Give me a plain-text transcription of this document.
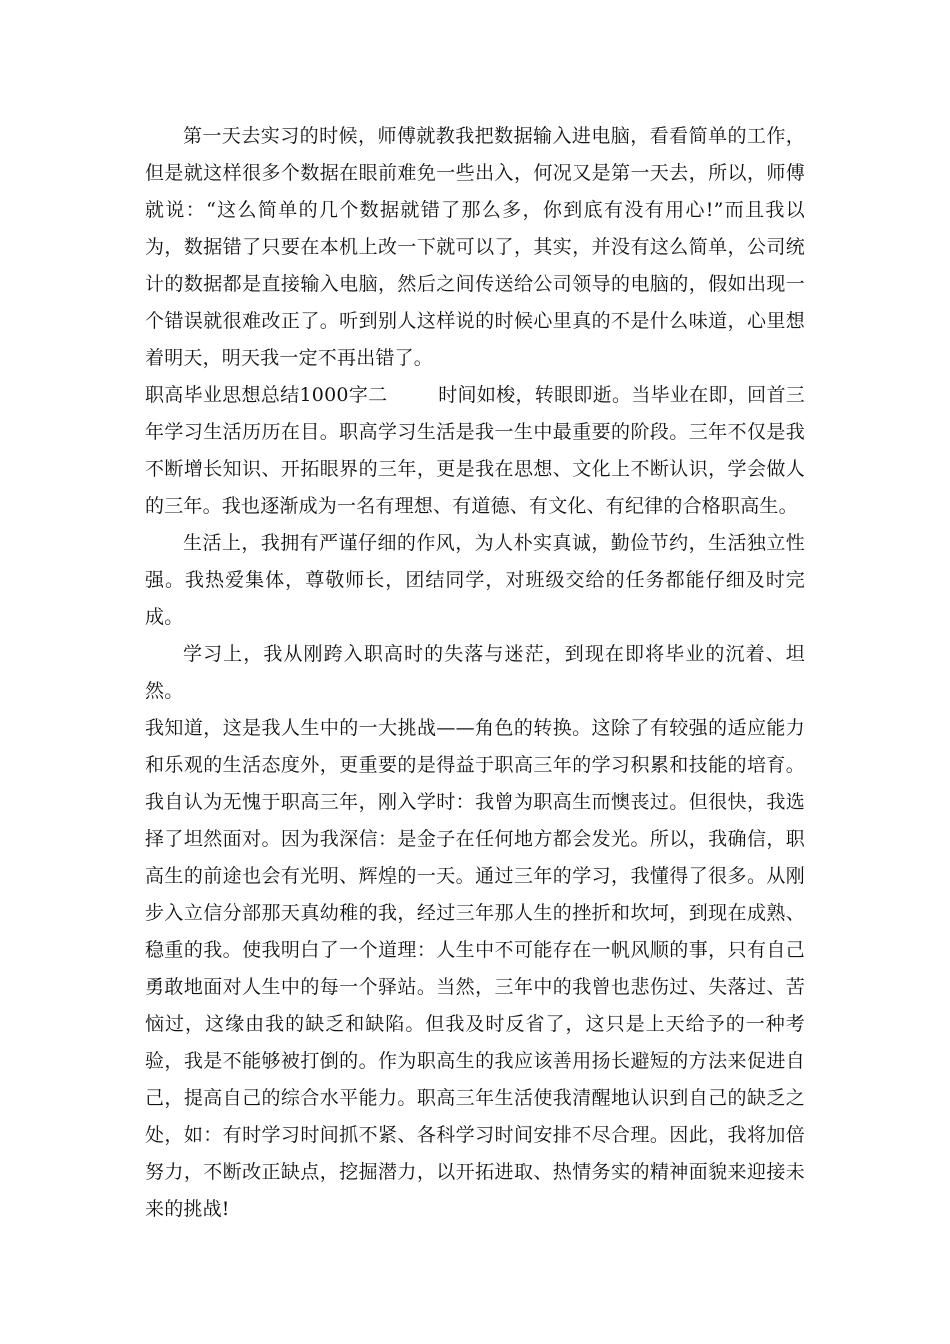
第一天去实习的时候，师傅就教我把数据输入进电脑，看看简单的工作，但是就这样很多个数据在眼前难免一些出入，何况又是第一天去，所以，师傅就说：“这么简单的几个数据就错了那么多，你到底有没有用心!”而且我以为，数据错了只要在本机上改一下就可以了，其实，并没有这么简单，公司统计的数据都是直接输入电脑，然后之间传送给公司领导的电脑的，假如出现一个错误就很难改正了。听到别人这样说的时候心里真的不是什么味道，心里想着明天，明天我一定不再出错了。

职高毕业思想总结1000字二	时间如梭，转眼即逝。当毕业在即，回首三年学习生活历历在目。职高学习生活是我一生中最重要的阶段。三年不仅是我不断增长知识、开拓眼界的三年，更是我在思想、文化上不断认识，学会做人的三年。我也逐渐成为一名有理想、有道德、有文化、有纪律的合格职高生。

生活上，我拥有严谨仔细的作风，为人朴实真诚，勤俭节约，生活独立性强。我热爱集体，尊敬师长，团结同学，对班级交给的任务都能仔细及时完成。

学习上，我从刚跨入职高时的失落与迷茫，到现在即将毕业的沉着、坦然。

我知道，这是我人生中的一大挑战——角色的转换。这除了有较强的适应能力和乐观的生活态度外，更重要的是得益于职高三年的学习积累和技能的培育。我自认为无愧于职高三年，刚入学时：我曾为职高生而懊丧过。但很快，我选择了坦然面对。因为我深信：是金子在任何地方都会发光。所以，我确信，职高生的前途也会有光明、辉煌的一天。通过三年的学习，我懂得了很多。从刚步入立信分部那天真幼稚的我，经过三年那人生的挫折和坎坷，到现在成熟、稳重的我。使我明白了一个道理：人生中不可能存在一帆风顺的事，只有自己勇敢地面对人生中的每一个驿站。当然，三年中的我曾也悲伤过、失落过、苦恼过，这缘由我的缺乏和缺陷。但我及时反省了，这只是上天给予的一种考验，我是不能够被打倒的。作为职高生的我应该善用扬长避短的方法来促进自己，提高自己的综合水平能力。职高三年生活使我清醒地认识到自己的缺乏之处，如：有时学习时间抓不紧、各科学习时间安排不尽合理。因此，我将加倍努力，不断改正缺点，挖掘潜力，以开拓进取、热情务实的精神面貌来迎接未来的挑战!
